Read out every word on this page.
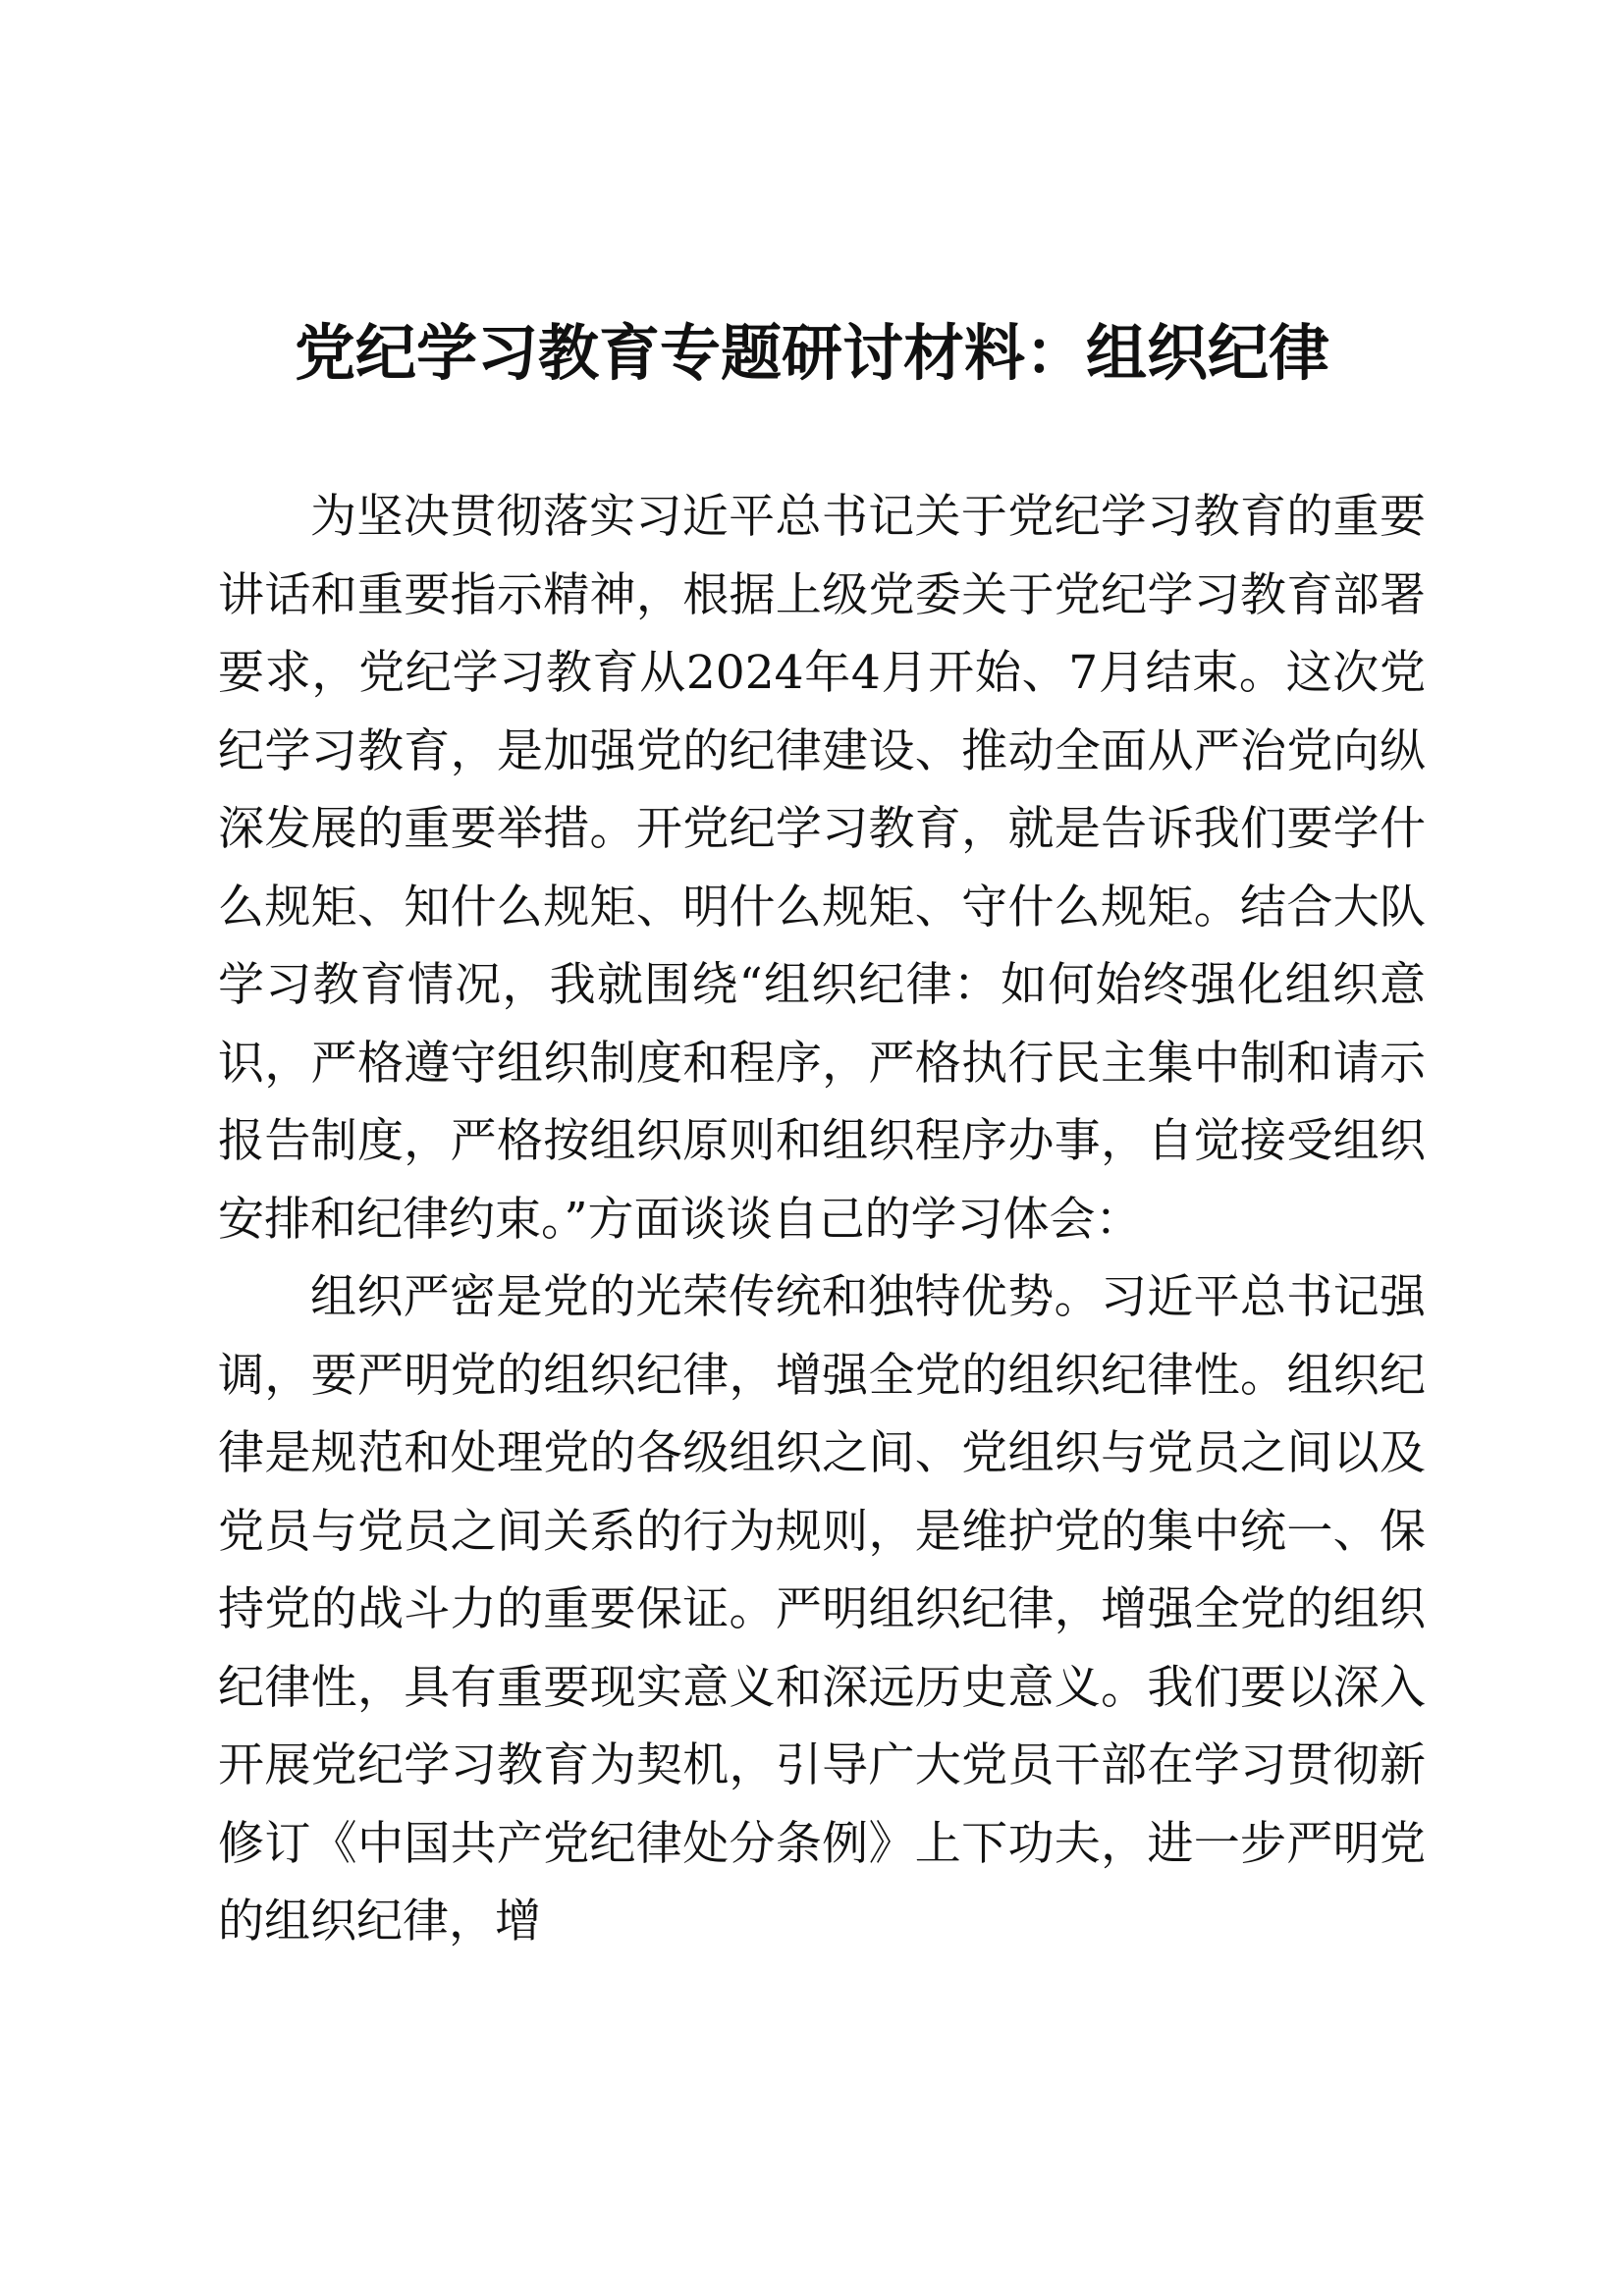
党纪学习教育专题研讨材料：组织纪律

为坚决贯彻落实习近平总书记关于党纪学习教育的重要讲话和重要指示精神，根据上级党委关于党纪学习教育部署要求，党纪学习教育从2024年4月开始、7月结束。这次党纪学习教育，是加强党的纪律建设、推动全面从严治党向纵深发展的重要举措。开党纪学习教育，就是告诉我们要学什么规矩、知什么规矩、明什么规矩、守什么规矩。结合大队学习教育情况，我就围绕“组织纪律：如何始终强化组织意识，严格遵守组织制度和程序，严格执行民主集中制和请示报告制度，严格按组织原则和组织程序办事，自觉接受组织安排和纪律约束。”方面谈谈自己的学习体会：

组织严密是党的光荣传统和独特优势。习近平总书记强调，要严明党的组织纪律，增强全党的组织纪律性。组织纪律是规范和处理党的各级组织之间、党组织与党员之间以及党员与党员之间关系的行为规则，是维护党的集中统一、保持党的战斗力的重要保证。严明组织纪律，增强全党的组织纪律性，具有重要现实意义和深远历史意义。我们要以深入开展党纪学习教育为契机，引导广大党员干部在学习贯彻新修订《中国共产党纪律处分条例》上下功夫，进一步严明党的组织纪律，增
